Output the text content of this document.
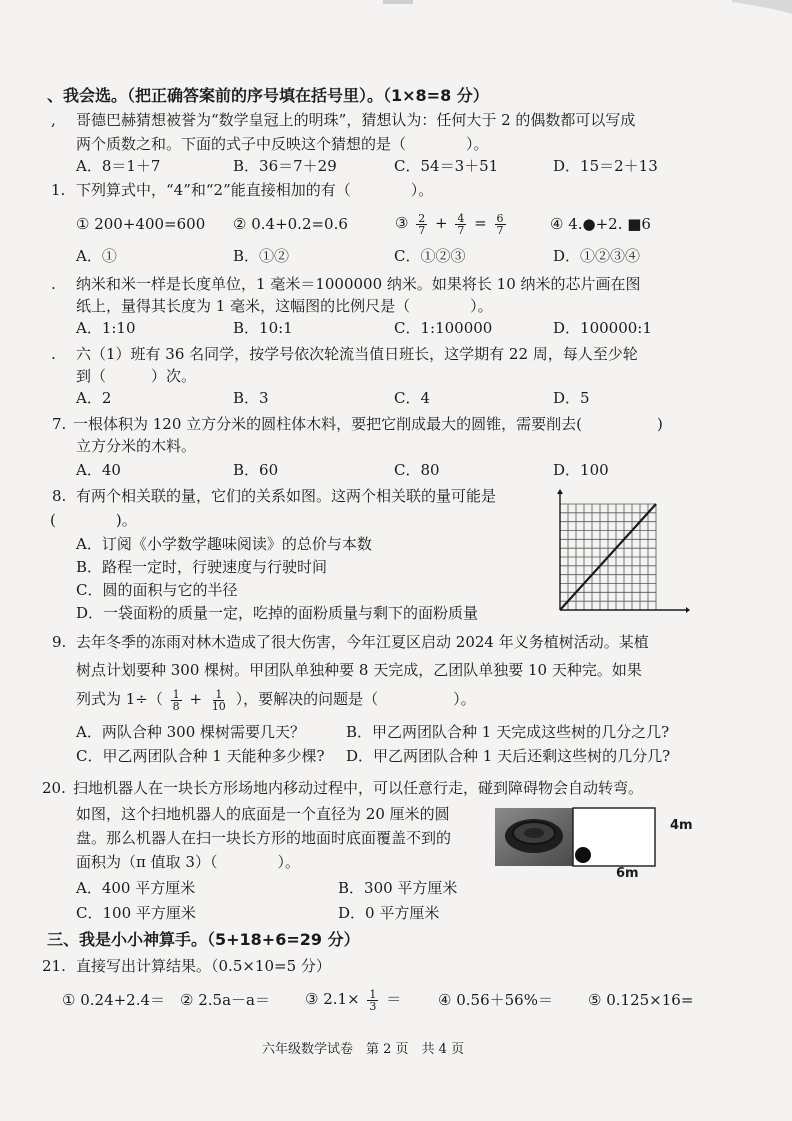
、我会选。（把正确答案前的序号填在括号里）。（1×8=8 分）
, 哥德巴赫猜想被誉为“数学皇冠上的明珠”，猜想认为：任何大于 2 的偶数都可以写成
两个质数之和。下面的式子中反映这个猜想的是（　　　　）。
A．8＝1＋7	B．36＝7＋29	C．54＝3＋51	D．15＝2＋13
1. 下列算式中，“4”和“2”能直接相加的有（　　　　）。
① 200+400=600 ② 0.4+0.2=0.6	③ $\frac{2}{7} + \frac{4}{7} = \frac{6}{7}$	④ 4.●+2. ■6
A．①	B．①②	C．①②③	D．①②③④
. 纳米和米一样是长度单位，1 毫米＝1000000 纳米。如果将长 10 纳米的芯片画在图
纸上，量得其长度为 1 毫米，这幅图的比例尺是（　　　　）。
A．1:10	B．10:1	C．1:100000	D．100000:1
. 六（1）班有 36 名同学，按学号依次轮流当值日班长，这学期有 22 周，每人至少轮
到（　　　）次。
A．2	B．3	C．4	D．5
7. 一根体积为 120 立方分米的圆柱体木料，要把它削成最大的圆锥，需要削去(　　　　　)
立方分米的木料。
A．40	B．60	C．80	D．100
8. 有两个相关联的量，它们的关系如图。这两个相关联的量可能是
(　　　　)。
A．订阅《小学数学趣味阅读》的总价与本数
B．路程一定时，行驶速度与行驶时间
C．圆的面积与它的半径
D．一袋面粉的质量一定，吃掉的面粉质量与剩下的面粉质量
9. 去年冬季的冻雨对林木造成了很大伤害，今年江夏区启动 2024 年义务植树活动。某植
树点计划要种 300 棵树。甲团队单独种要 8 天完成，乙团队单独要 10 天种完。如果
列式为 $1\div( \frac{1}{8} + \frac{1}{10}$ ），要解决的问题是（　　　　　）。
A．两队合种 300 棵树需要几天？	B．甲乙两团队合种 1 天完成这些树的几分之几?
C．甲乙两团队合种 1 天能种多少棵? D．甲乙两团队合种 1 天后还剩这些树的几分几?
20. 扫地机器人在一块长方形场地内移动过程中，可以任意行走，碰到障碍物会自动转弯。
如图，这个扫地机器人的底面是一个直径为 20 厘米的圆
盘。那么机器人在扫一块长方形的地面时底面覆盖不到的
面积为（π 值取 3）（　　　　）。
4m
6m
A．400 平方厘米	B．300 平方厘米
C．100 平方厘米	D．0 平方厘米
三、我是小小神算手。（5+18+6=29 分）
21. 直接写出计算结果。（0.5×10=5 分）
① 0.24+2.4＝ ② 2.5a－a＝ ③ $2.1\times \frac{1}{3}$ ＝ ④ 0.56＋56%＝ ⑤ 0.125×16=
六年级数学试卷　第 2 页　共 4 页
